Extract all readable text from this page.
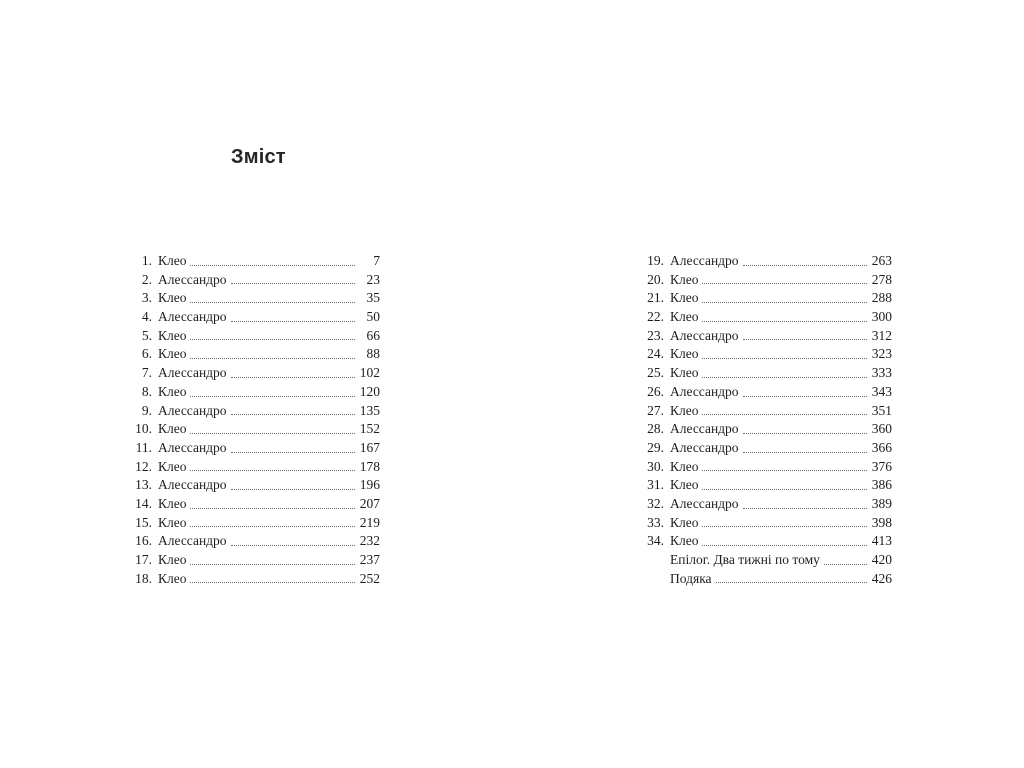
Зміст
1. Клео	7
2. Алессандро	23
3. Клео	35
4. Алессандро	50
5. Клео	66
6. Клео	88
7. Алессандро	102
8. Клео	120
9. Алессандро	135
10. Клео	152
11. Алессандро	167
12. Клео	178
13. Алессандро	196
14. Клео	207
15. Клео	219
16. Алессандро	232
17. Клео	237
18. Клео	252
19. Алессандро	263
20. Клео	278
21. Клео	288
22. Клео	300
23. Алессандро	312
24. Клео	323
25. Клео	333
26. Алессандро	343
27. Клео	351
28. Алессандро	360
29. Алессандро	366
30. Клео	376
31. Клео	386
32. Алессандро	389
33. Клео	398
34. Клео	413
Епілог. Два тижні по тому	420
Подяка	426
